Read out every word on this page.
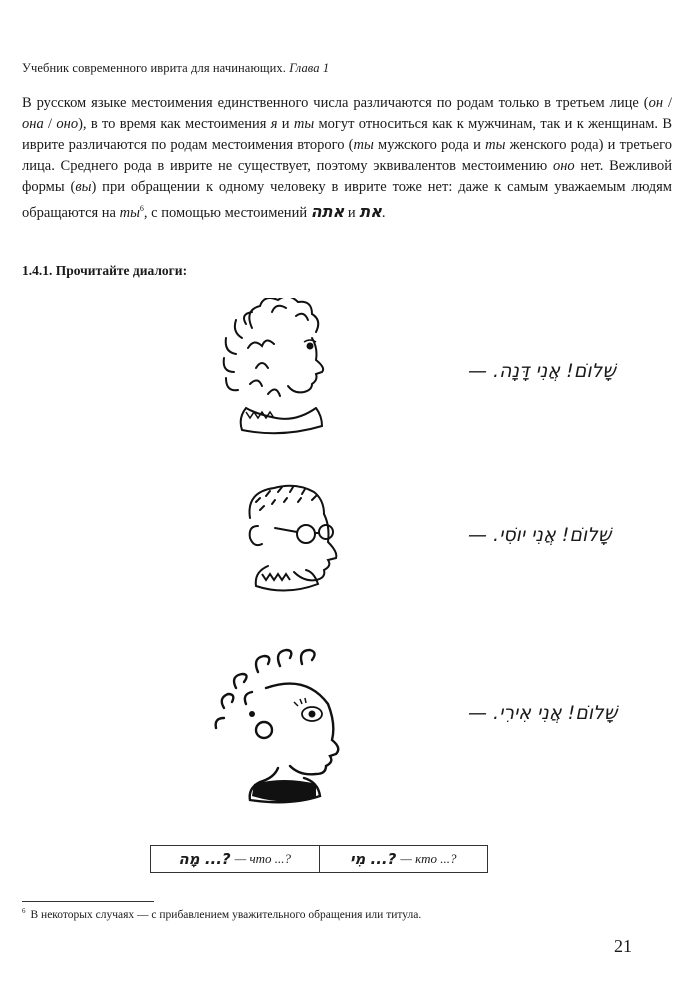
Учебник современного иврита для начинающих. Глава 1
В русском языке местоимения единственного числа различаются по родам только в третьем лице (он / она / оно), в то время как местоимения я и ты могут относиться как к мужчинам, так и к женщинам. В иврите различаются по родам местоимения второго (ты мужского рода и ты женского рода) и третьего лица. Среднего рода в иврите не существует, поэтому эквивалентов местоимению оно нет. Вежливой формы (вы) при обращении к одному человеку в иврите тоже нет: даже к самым уважаемым людям обращаются на $ты^6$, с помощью местоимений אתה и את.
1.4.1. Прочитайте диалоги:
שָׁלוֹם! אֲנִי דָּנָה. —
שָׁלוֹם! אֲנִי יוֹסִי. —
שָׁלוֹם! אֲנִי אִירִי. —
?... מָה — что ...?	?... מִי — кто ...?
$^6$ В некоторых случаях — с прибавлением уважительного обращения или титула.
21
